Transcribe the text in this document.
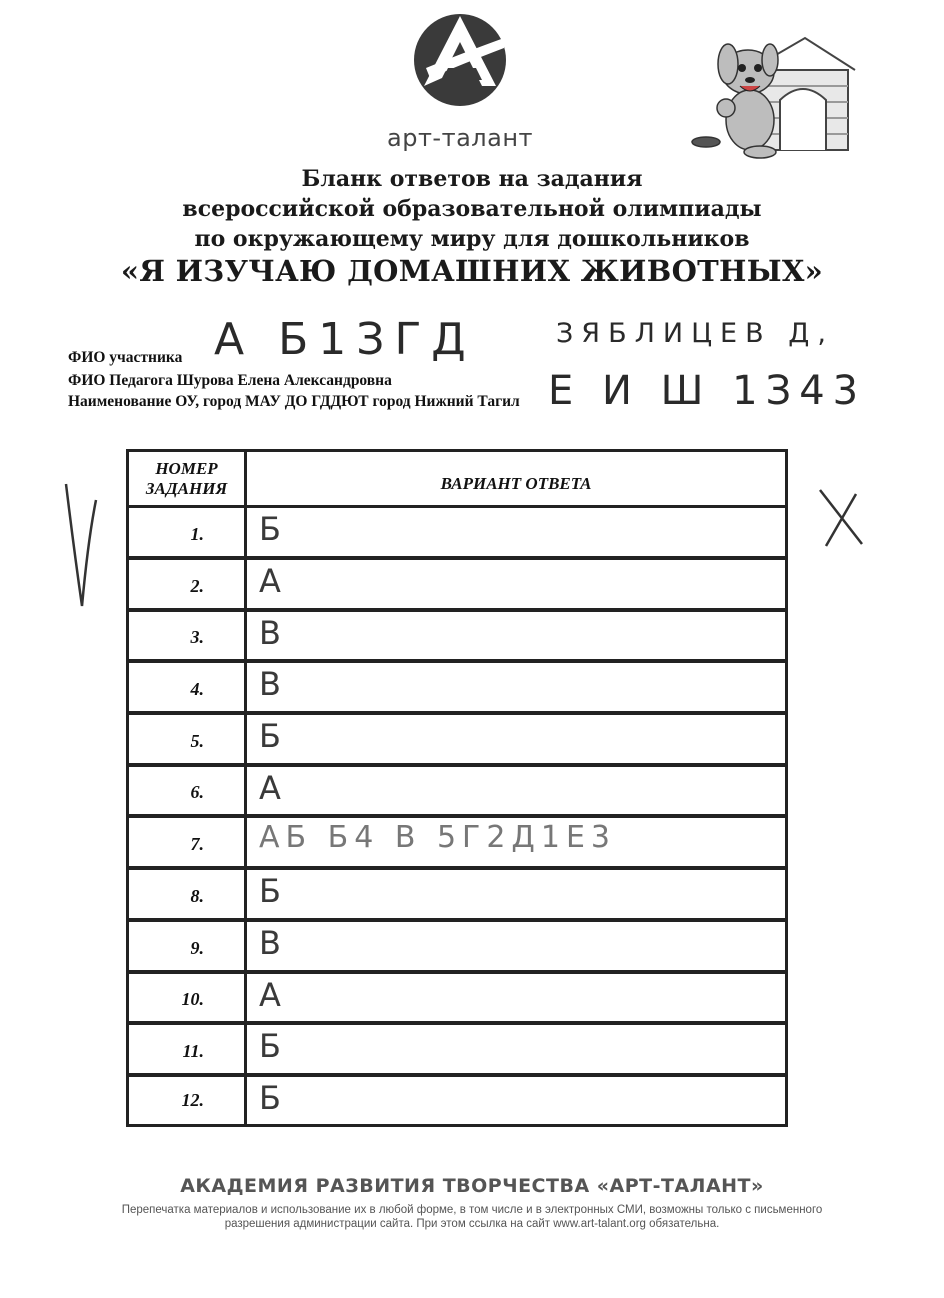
арт-талант
Бланк ответов на задания
всероссийской образовательной олимпиады
по окружающему миру для дошкольников
«Я ИЗУЧАЮ ДОМАШНИХ ЖИВОТНЫХ»
ФИО участника
ФИО Педагога Шурова Елена Александровна
Наименование ОУ, город МАУ ДО ГДДЮТ город Нижний Тагил
А Б1ЗГД	ЗЯБЛИЦЕВ Д,
Е И Ш 1З43
НОМЕР ЗАДАНИЯ	ВАРИАНТ ОТВЕТА
1.	Б
2.	А
3.	В
4.	В
5.	Б
6.	А
7.	АБ Б4 В 5Г2Д1Е3
8.	Б
9.	В
10.	А
11.	Б
12.	Б
АКАДЕМИЯ РАЗВИТИЯ ТВОРЧЕСТВА «АРТ-ТАЛАНТ»
Перепечатка материалов и использование их в любой форме, в том числе и в электронных СМИ, возможны только с письменного разрешения администрации сайта. При этом ссылка на сайт www.art-talant.org обязательна.
